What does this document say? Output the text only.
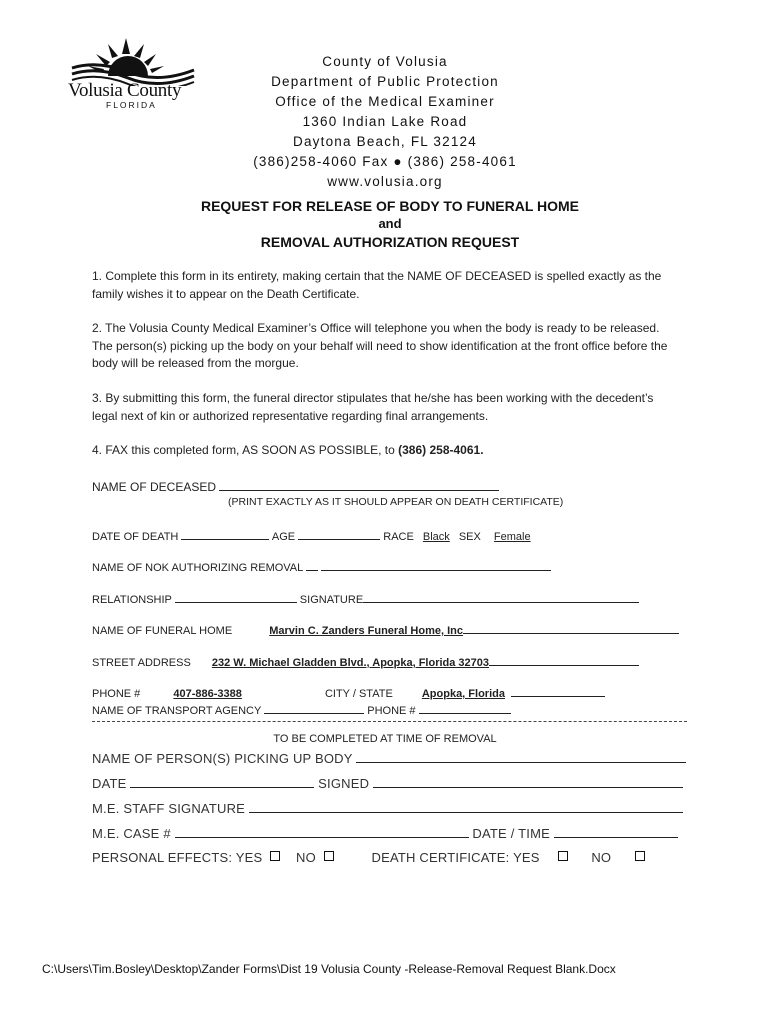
Volusia County
FLORIDA
County of Volusia
Department of Public Protection
Office of the Medical Examiner
1360 Indian Lake Road
Daytona Beach, FL 32124
(386)258-4060 Fax ● (386) 258-4061
www.volusia.org
REQUEST FOR RELEASE OF BODY TO FUNERAL HOME
and
REMOVAL AUTHORIZATION REQUEST
1. Complete this form in its entirety, making certain that the NAME OF DECEASED is spelled exactly as the family wishes it to appear on the Death Certificate.
2. The Volusia County Medical Examiner’s Office will telephone you when the body is ready to be released. The person(s) picking up the body on your behalf will need to show identification at the front office before the body will be released from the morgue.
3. By submitting this form, the funeral director stipulates that he/she has been working with the decedent’s legal next of kin or authorized representative regarding final arrangements.
4. FAX this completed form, AS SOON AS POSSIBLE, to (386) 258-4061.
NAME OF DECEASED
(PRINT EXACTLY AS IT SHOULD APPEAR ON DEATH CERTIFICATE)
DATE OF DEATH	AGE	RACE Black SEX Female
NAME OF NOK AUTHORIZING REMOVAL
RELATIONSHIP	SIGNATURE
NAME OF FUNERAL HOME	Marvin C. Zanders Funeral Home, Inc
STREET ADDRESS 232 W. Michael Gladden Blvd., Apopka, Florida 32703
PHONE #	407-886-3388	CITY / STATE	Apopka, Florida
NAME OF TRANSPORT AGENCY	PHONE #
TO BE COMPLETED AT TIME OF REMOVAL
NAME OF PERSON(S) PICKING UP BODY
DATE	SIGNED
M.E. STAFF SIGNATURE
M.E. CASE #	DATE / TIME
PERSONAL EFFECTS: YES	NO	DEATH CERTIFICATE: YES	NO
C:\Users\Tim.Bosley\Desktop\Zander Forms\Dist 19 Volusia County -Release-Removal Request Blank.Docx
